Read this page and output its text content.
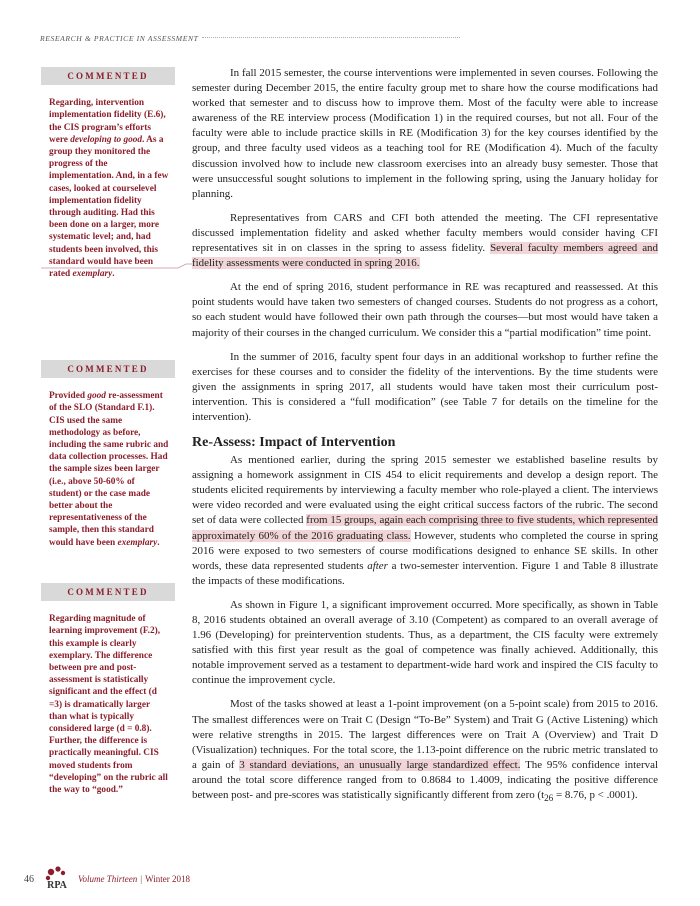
RESEARCH & PRACTICE IN ASSESSMENT
COMMENTED
Regarding, intervention implementation fidelity (E.6), the CIS program’s efforts were developing to good. As a group they monitored the progress of the implementation. And, in a few cases, looked at courselevel implementation fidelity through auditing. Had this been done on a larger, more systematic level; and, had students been involved, this standard would have been rated exemplary.
COMMENTED
Provided good re-assessment of the SLO (Standard F.1). CIS used the same methodology as before, including the same rubric and data collection processes. Had the sample sizes been larger (i.e., above 50-60% of student) or the case made better about the representativeness of the sample, then this standard would have been exemplary.
COMMENTED
Regarding magnitude of learning improvement (F.2), this example is clearly exemplary. The difference between pre and post-assessment is statistically significant and the effect (d =3) is dramatically larger than what is typically considered large (d = 0.8). Further, the difference is practically meaningful. CIS moved students from “developing” on the rubric all the way to “good.”

In fall 2015 semester, the course interventions were implemented in seven courses. Following the semester during December 2015, the entire faculty group met to share how the course modifications had worked that semester and to discuss how to improve them. Most of the faculty were able to increase awareness of the RE interview process (Modification 1) in the required courses, but not all. Four of the faculty were able to include practice skills in RE (Modification 3) for the key courses identified by the group, and three faculty used videos as a teaching tool for RE (Modification 4). Much of the faculty discussion involved how to include new classroom exercises into an already busy semester. Those that were unsuccessful sought solutions to implement in the following spring, using the January holiday for planning.

Representatives from CARS and CFI both attended the meeting. The CFI representative discussed implementation fidelity and asked whether faculty members would consider having CFI representatives sit in on classes in the spring to assess fidelity. Several faculty members agreed and fidelity assessments were conducted in spring 2016.

At the end of spring 2016, student performance in RE was recaptured and reassessed. At this point students would have taken two semesters of changed courses. Students do not progress as a cohort, so each student would have followed their own path through the courses—but most would have taken a majority of their courses in the changed curriculum. We consider this a “partial modification” time point.

In the summer of 2016, faculty spent four days in an additional workshop to further refine the exercises for these courses and to consider the fidelity of the interventions. By the time students were given the assignments in spring 2017, all students would have taken most their curriculum post-intervention. This is considered a “full modification” (see Table 7 for details on the timeline for the intervention).

Re-Assess: Impact of Intervention

As mentioned earlier, during the spring 2015 semester we established baseline results by assigning a homework assignment in CIS 454 to elicit requirements and develop a design report. The students elicited requirements by interviewing a faculty member who role-played a client. The interviews were video recorded and were evaluated using the eight critical success factors of the rubric. The second set of data were collected from 15 groups, again each comprising three to five students, which represented approximately 60% of the 2016 graduating class. However, students who completed the course in spring 2016 were exposed to two semesters of course modifications designed to enhance SE skills. In other words, these data represented students after a two-semester intervention. Figure 1 and Table 8 illustrate the impacts of these modifications.

As shown in Figure 1, a significant improvement occurred. More specifically, as shown in Table 8, 2016 students obtained an overall average of 3.10 (Competent) as compared to an overall average of 1.96 (Developing) for preintervention students. Thus, as a department, the CIS faculty were extremely satisfied with this first year result as the goal of competence was finally achieved. Additionally, this notable improvement served as a testament to department-wide hard work and inspired the CIS faculty to continue the improvement cycle.

Most of the tasks showed at least a 1-point improvement (on a 5-point scale) from 2015 to 2016. The smallest differences were on Trait C (Design “To-Be” System) and Trait G (Active Listening) which were relative strengths in 2015. The largest differences were on Trait A (Overview) and Trait D (Visualization) techniques. For the total score, the 1.13-point difference on the rubric metric translated to a gain of 3 standard deviations, an unusually large standardized effect. The 95% confidence interval around the total score difference ranged from to 0.8684 to 1.4009, indicating the positive difference between post- and pre-scores was statistically significantly different from zero ($t_{26} = 8.76$, p < .0001).

46
RPA
Volume Thirteen | Winter 2018
